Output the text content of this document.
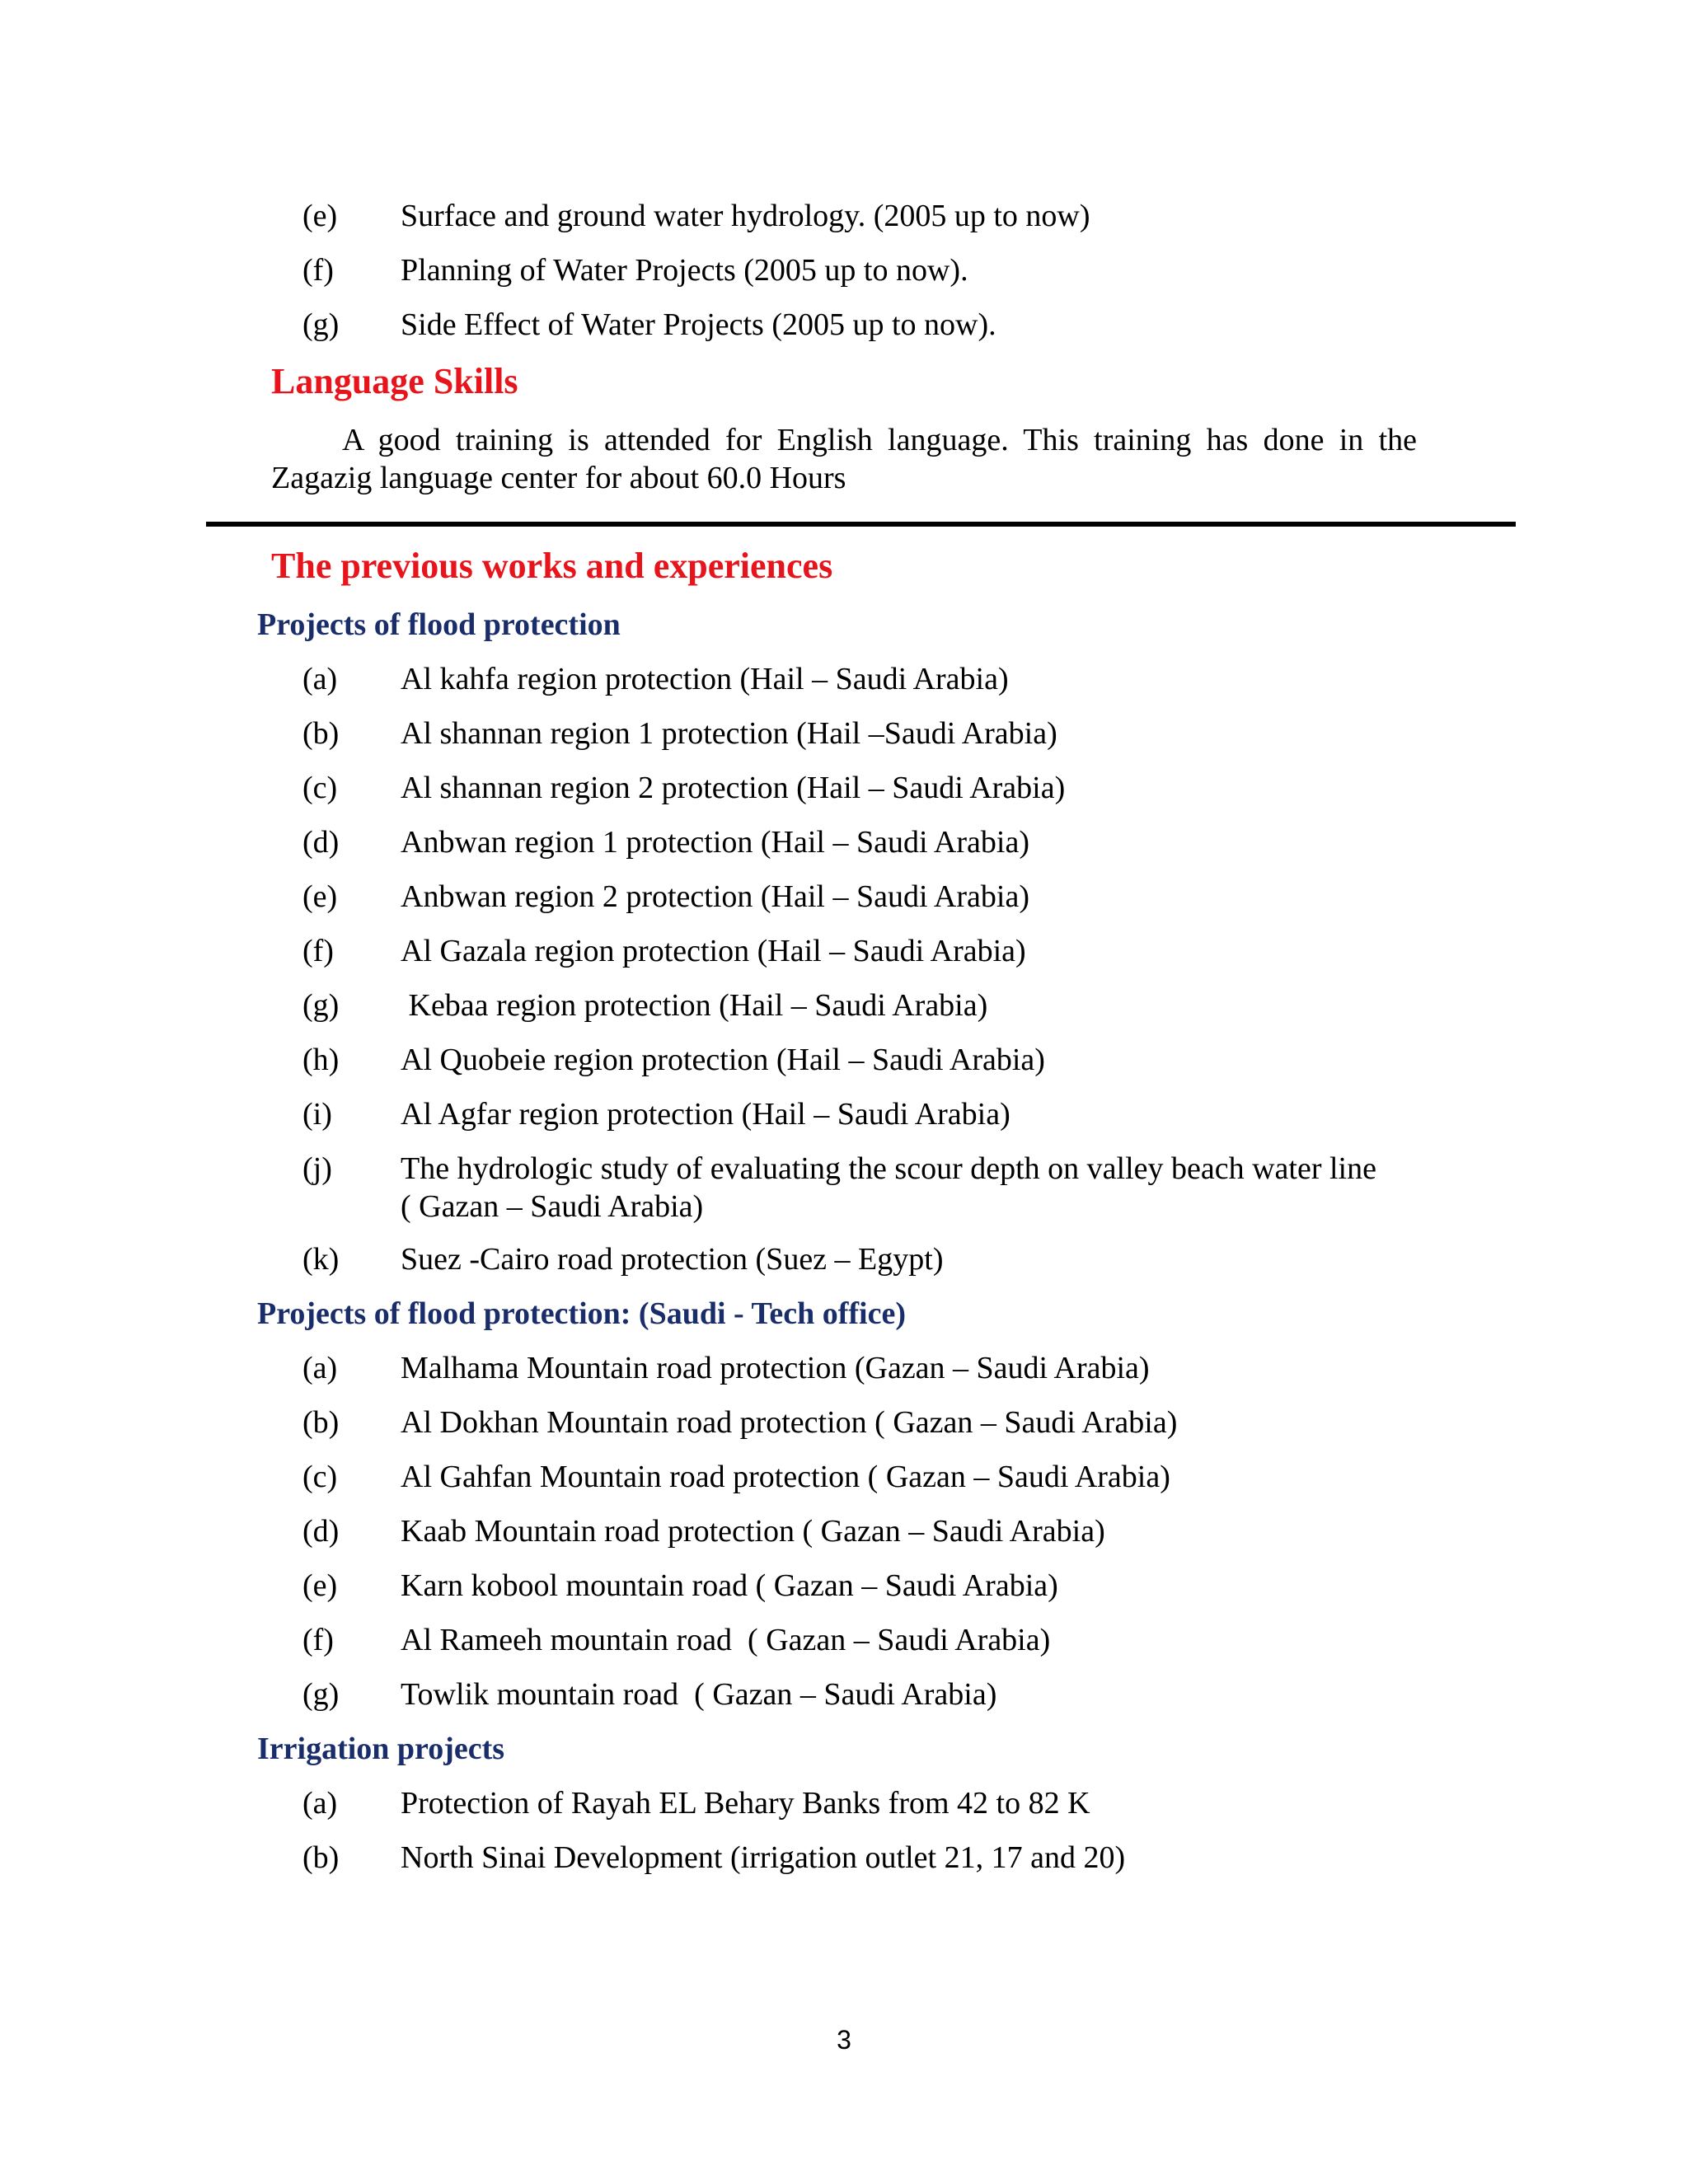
(e) Surface and ground water hydrology. (2005 up to now)
(f) Planning of Water Projects (2005 up to now).
(g) Side Effect of Water Projects (2005 up to now).
Language Skills
A good training is attended for English language. This training has done in the
Zagazig language center for about 60.0 Hours
The previous works and experiences
Projects of flood protection
(a) Al kahfa region protection (Hail – Saudi Arabia)
(b) Al shannan region 1 protection (Hail –Saudi Arabia)
(c) Al shannan region 2 protection (Hail – Saudi Arabia)
(d) Anbwan region 1 protection (Hail – Saudi Arabia)
(e) Anbwan region 2 protection (Hail – Saudi Arabia)
(f) Al Gazala region protection (Hail – Saudi Arabia)
(g) Kebaa region protection (Hail – Saudi Arabia)
(h) Al Quobeie region protection (Hail – Saudi Arabia)
(i) Al Agfar region protection (Hail – Saudi Arabia)
(j) The hydrologic study of evaluating the scour depth on valley beach water line
( Gazan – Saudi Arabia)
(k) Suez -Cairo road protection (Suez – Egypt)
Projects of flood protection: (Saudi - Tech office)
(a) Malhama Mountain road protection (Gazan – Saudi Arabia)
(b) Al Dokhan Mountain road protection ( Gazan – Saudi Arabia)
(c) Al Gahfan Mountain road protection ( Gazan – Saudi Arabia)
(d) Kaab Mountain road protection ( Gazan – Saudi Arabia)
(e) Karn kobool mountain road ( Gazan – Saudi Arabia)
(f) Al Rameeh mountain road  ( Gazan – Saudi Arabia)
(g) Towlik mountain road  ( Gazan – Saudi Arabia)
Irrigation projects
(a) Protection of Rayah EL Behary Banks from 42 to 82 K
(b) North Sinai Development (irrigation outlet 21, 17 and 20)
3
